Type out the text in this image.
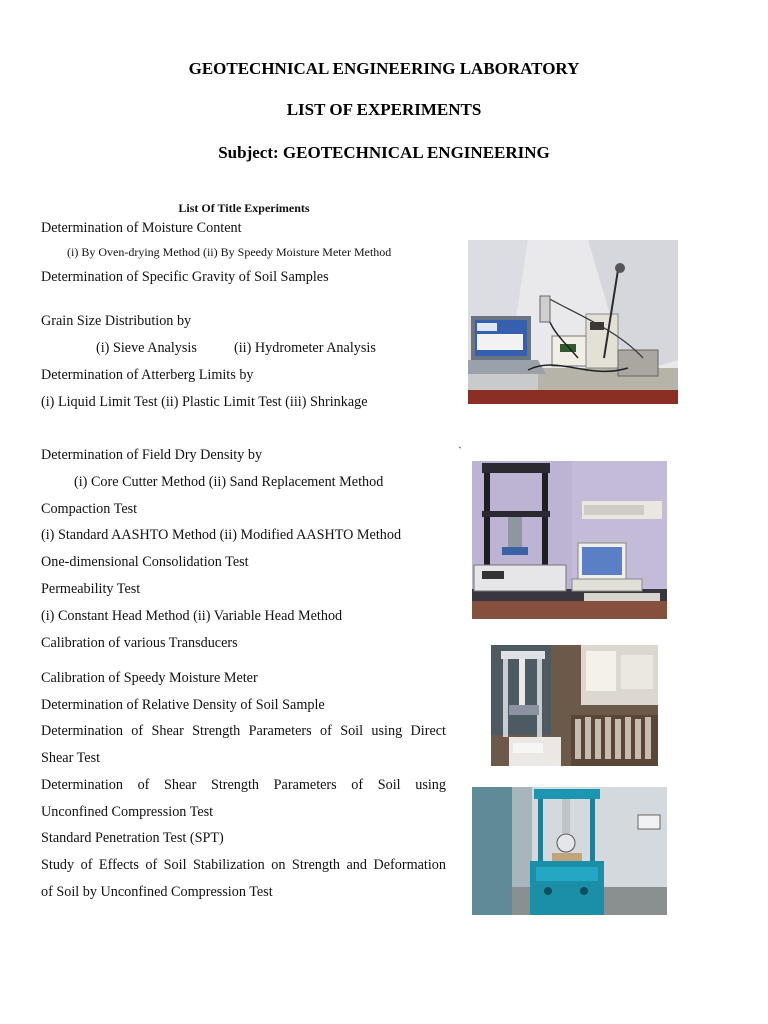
GEOTECHNICAL ENGINEERING LABORATORY
LIST OF EXPERIMENTS
Subject: GEOTECHNICAL ENGINEERING
List Of Title Experiments
Determination of Moisture Content
(i) By Oven-drying Method (ii) By Speedy Moisture Meter Method
Determination of Specific Gravity of Soil Samples
Grain Size Distribution by
(i) Sieve Analysis	(ii) Hydrometer Analysis
Determination of Atterberg Limits by
(i) Liquid Limit Test (ii) Plastic Limit Test (iii) Shrinkage
Determination of Field Dry Density by	`
(i) Core Cutter Method (ii) Sand Replacement Method
Compaction Test
(i) Standard AASHTO Method (ii) Modified AASHTO Method
One-dimensional Consolidation Test
Permeability Test
(i) Constant Head Method (ii) Variable Head Method
Calibration of various Transducers
Calibration of Speedy Moisture Meter
Determination of Relative Density of Soil Sample
Determination of Shear Strength Parameters of Soil using Direct
Shear Test
Determination of Shear Strength Parameters of Soil using
Unconfined Compression Test
Standard Penetration Test (SPT)
Study of Effects of Soil Stabilization on Strength and Deformation
of Soil by Unconfined Compression Test
